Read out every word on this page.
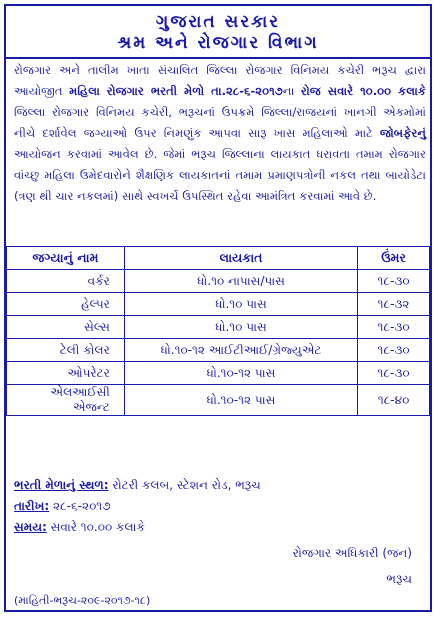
ગુજરાત સરકાર
શ્રમ અને રોજગાર વિભાગ
રોજગાર અને તાલીમ ખાતા સંચાલિત જિલ્લા રોજગાર વિનિમય કચેરી ભરૂચ દ્વારા આયોજીત મહિલા રોજગાર ભરતી મેળો તા.૨૮-૬-૨૦૧૭ના રોજ સવારે ૧૦.૦૦ કલાકે જિલ્લા રોજગાર વિનિમય કચેરી, ભરૂચનાં ઉપક્રમે જિલ્લા/રાજયનાં ખાનગી એકમોમાં નીચે દર્શાવેલ જગ્યાઓ ઉપર નિમણુંક આપવા સારૂ ખાસ મહિલાઓ માટે જોબફેરનું આયોજન કરવામાં આવેલ છે. જેમાં ભરૂચ જિલ્લાના લાયકાત ધરાવતા તમામ રોજગાર વાંચ્છુ મહિલા ઉમેદવારોને શૈક્ષણિક લાયકાતનાં તમામ પ્રમાણપત્રોની નકલ તથા બાયોડેટા (ત્રણ થી ચાર નકલમાં) સાથે સ્વખર્ચે ઉપસ્થિત રહેવા આમંત્રિત કરવામાં આવે છે.
જગ્યાનું નામ	લાયકાત	ઉંમર
વર્કર	ધો.૧૦ નાપાસ/પાસ	૧૮-૩૦
હેલ્પર	ધો.૧૦ પાસ	૧૮-૩૨
સેલ્સ	ધો.૧૦ પાસ	૧૮-૩૦
ટેલી કોલર	ધો.૧૦-૧૨ આઈટીઆઈ/ગ્રેજ્યુએટ	૧૮-૩૦
ઓપરેટર	ધો.૧૦-૧૨ પાસ	૧૮-૩૦
એલઆઈસી એજન્ટ	ધો.૧૦-૧૨ પાસ	૧૮-૪૦
ભરતી મેળાનું સ્થળ: રોટરી કલબ, સ્ટેશન રોડ, ભરૂચ
તારીખ: ૨૮-૬-૨૦૧૭
સમય: સવારે ૧૦.૦૦ કલાકે
રોજગાર અધિકારી (જન)
ભરૂચ
(માહિતી-ભરૂચ-૨૦૯-૨૦૧૭-૧૮)
